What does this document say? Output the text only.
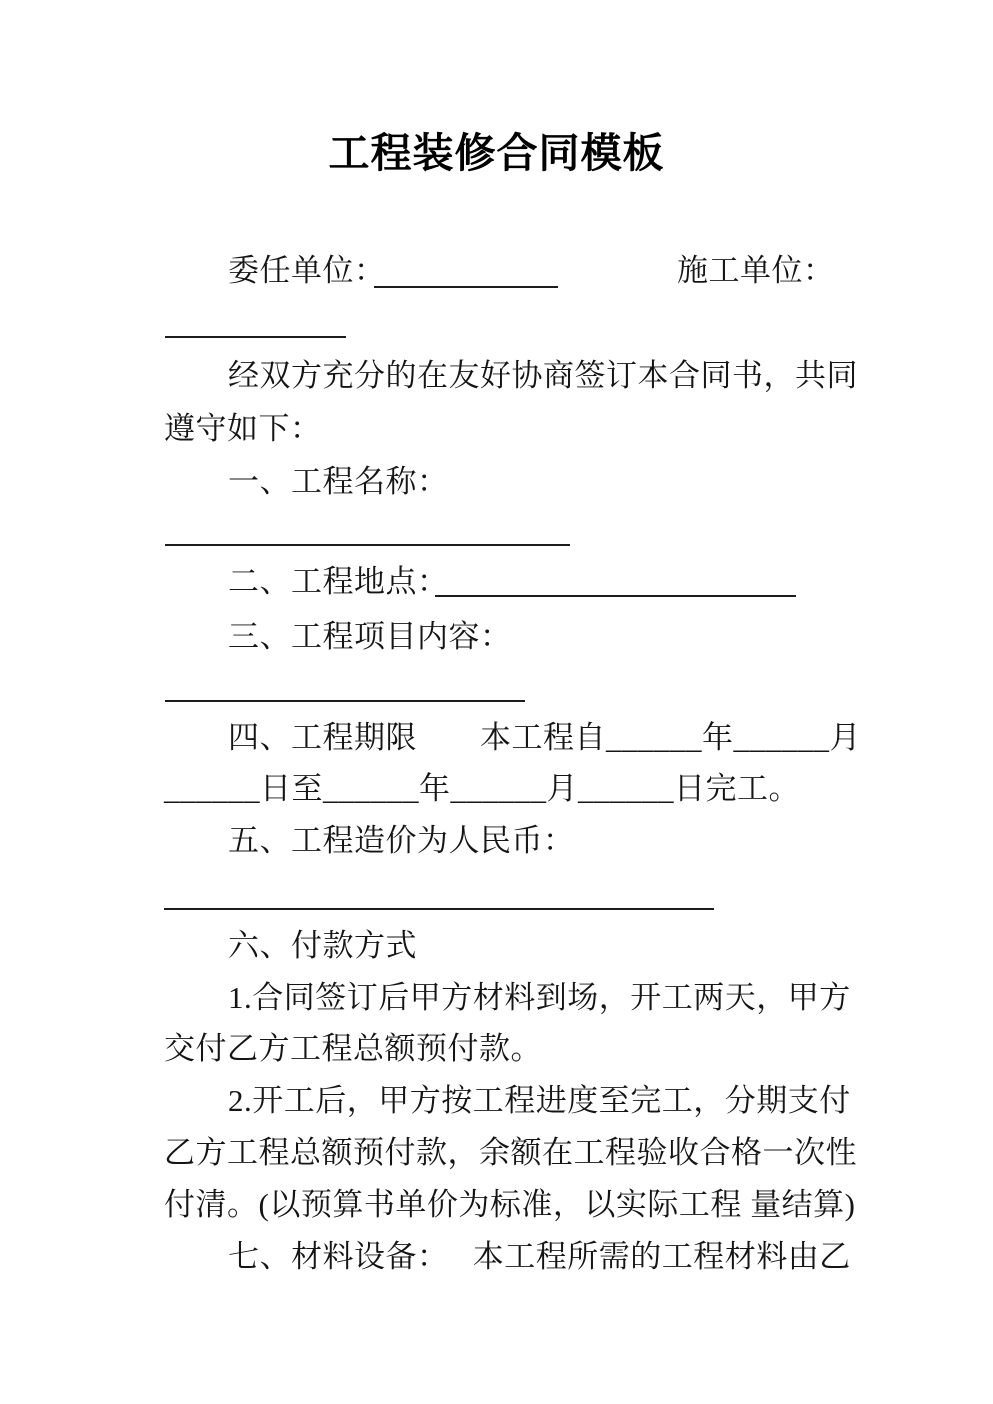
工程装修合同模板
委任单位：	施工单位：
经双方充分的在友好协商签订本合同书，共同
遵守如下：
一、工程名称：
二、工程地点：
三、工程项目内容：
四、工程期限　　本工程自______年______月
______日至______年______月______日完工。
五、工程造价为人民币：
六、付款方式
1.合同签订后甲方材料到场，开工两天，甲方
交付乙方工程总额预付款。
2.开工后，甲方按工程进度至完工，分期支付
乙方工程总额预付款，余额在工程验收合格一次性
付清。(以预算书单价为标准，以实际工程 量结算)
七、材料设备：　 本工程所需的工程材料由乙
